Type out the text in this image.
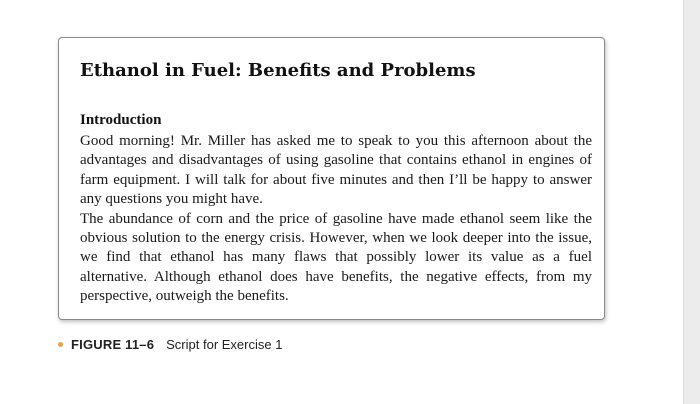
Ethanol in Fuel: Benefits and Problems
Introduction

Good morning! Mr. Miller has asked me to speak to you this afternoon about the advantages and disadvantages of using gasoline that contains ethanol in engines of farm equipment. I will talk for about five minutes and then I’ll be happy to answer any questions you might have.

The abundance of corn and the price of gasoline have made ethanol seem like the obvious solution to the energy crisis. However, when we look deeper into the issue, we find that ethanol has many flaws that possibly lower its value as a fuel alternative. Although ethanol does have benefits, the negative effects, from my perspective, outweigh the benefits.

FIGURE 11–6 Script for Exercise 1
